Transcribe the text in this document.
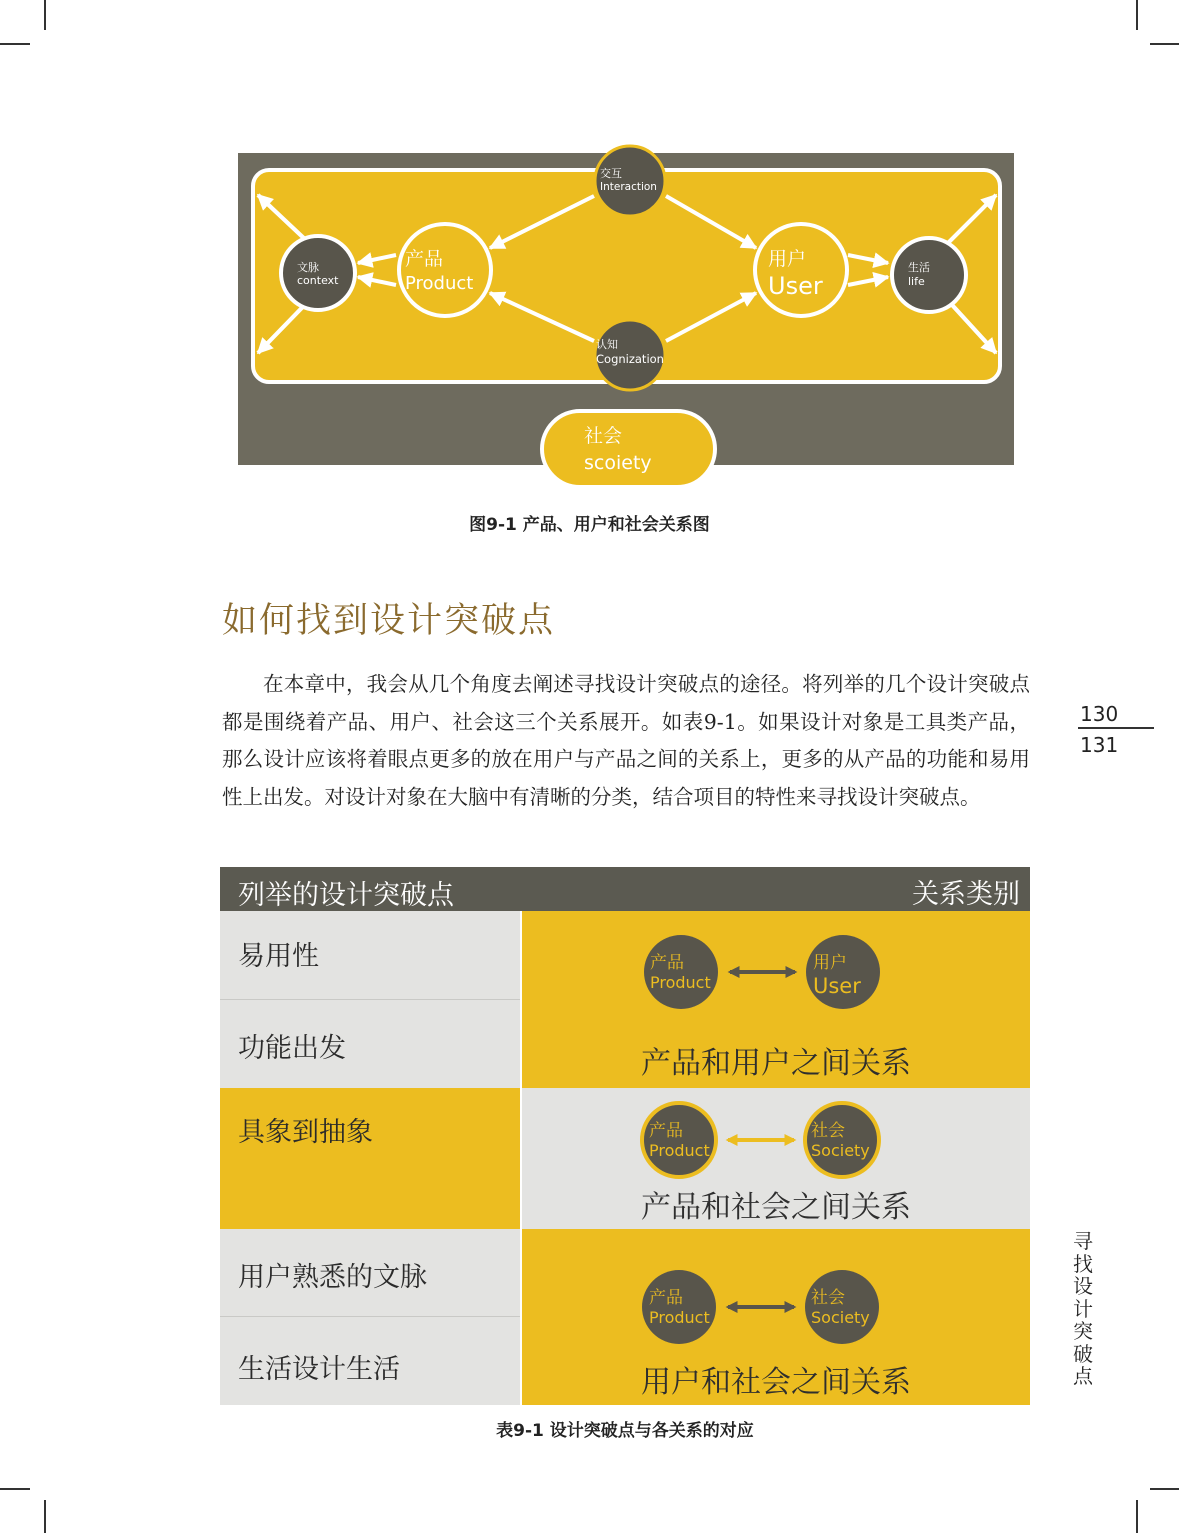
交互
Interaction
认知
Cognization
产品
Product
用户
User
文脉
context
生活
life
社会
scoiety
图9-1 产品、用户和社会关系图
如何找到设计突破点

在本章中，我会从几个角度去阐述寻找设计突破点的途径。将列举的几个设计突破点都是围绕着产品、用户、社会这三个关系展开。如表9-1。如果设计对象是工具类产品，那么设计应该将着眼点更多的放在用户与产品之间的关系上，更多的从产品的功能和易用性上出发。对设计对象在大脑中有清晰的分类，结合项目的特性来寻找设计突破点。

130
131
寻找设计突破点
列举的设计突破点	关系类别
易用性
功能出发
具象到抽象
用户熟悉的文脉
生活设计生活
产品
Product
用户
User
产品和用户之间关系
产品
Product
社会
Society
产品和社会之间关系
产品
Product
社会
Society
用户和社会之间关系
表9-1 设计突破点与各关系的对应
